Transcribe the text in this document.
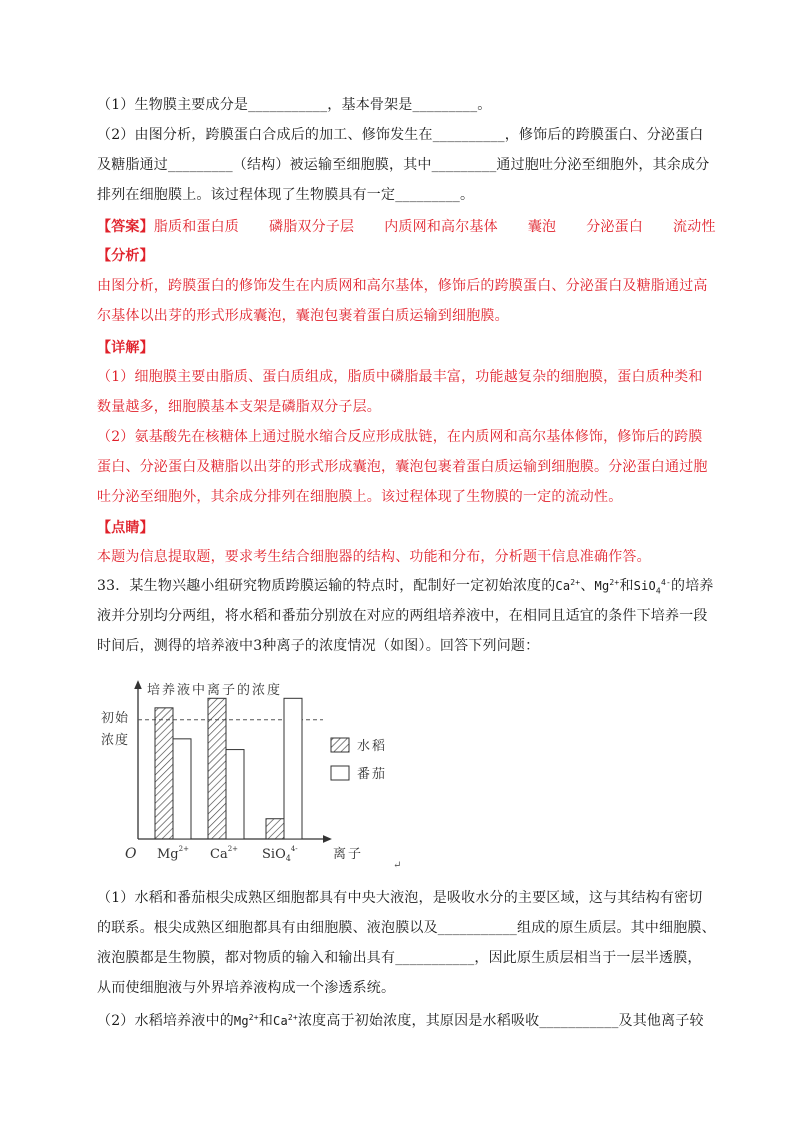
（1）生物膜主要成分是___________，基本骨架是_________。
（2）由图分析，跨膜蛋白合成后的加工、修饰发生在__________，修饰后的跨膜蛋白、分泌蛋白
及糖脂通过_________（结构）被运输至细胞膜，其中_________通过胞吐分泌至细胞外，其余成分
排列在细胞膜上。该过程体现了生物膜具有一定_________。
【答案】脂质和蛋白质 磷脂双分子层 内质网和高尔基体 囊泡 分泌蛋白 流动性
【分析】
由图分析，跨膜蛋白的修饰发生在内质网和高尔基体，修饰后的跨膜蛋白、分泌蛋白及糖脂通过高
尔基体以出芽的形式形成囊泡，囊泡包裹着蛋白质运输到细胞膜。
【详解】
（1）细胞膜主要由脂质、蛋白质组成，脂质中磷脂最丰富，功能越复杂的细胞膜，蛋白质种类和
数量越多，细胞膜基本支架是磷脂双分子层。
（2）氨基酸先在核糖体上通过脱水缩合反应形成肽链，在内质网和高尔基体修饰，修饰后的跨膜
蛋白、分泌蛋白及糖脂以出芽的形式形成囊泡，囊泡包裹着蛋白质运输到细胞膜。分泌蛋白通过胞
吐分泌至细胞外，其余成分排列在细胞膜上。该过程体现了生物膜的一定的流动性。
【点睛】
本题为信息提取题，要求考生结合细胞器的结构、功能和分布，分析题干信息准确作答。
33．某生物兴趣小组研究物质跨膜运输的特点时，配制好一定初始浓度的$Ca^{2+}$、$Mg^{2+}$和SiO$_4^{4-}$的培养
液并分别均分两组，将水稻和番茄分别放在对应的两组培养液中，在相同且适宜的条件下培养一段
时间后，测得的培养液中3种离子的浓度情况（如图）。回答下列问题：
培养液中离子的浓度
初始
浓度
O $Mg^{2+}$ $Ca^{2+}$ SiO$_4^{4-}$	离子
水稻
番茄
↵
（1）水稻和番茄根尖成熟区细胞都具有中央大液泡，是吸收水分的主要区域，这与其结构有密切
的联系。根尖成熟区细胞都具有由细胞膜、液泡膜以及___________组成的原生质层。其中细胞膜、
液泡膜都是生物膜，都对物质的输入和输出具有___________，因此原生质层相当于一层半透膜，
从而使细胞液与外界培养液构成一个渗透系统。
（2）水稻培养液中的$Mg^{2+}$和$Ca^{2+}$浓度高于初始浓度，其原因是水稻吸收___________及其他离子较
